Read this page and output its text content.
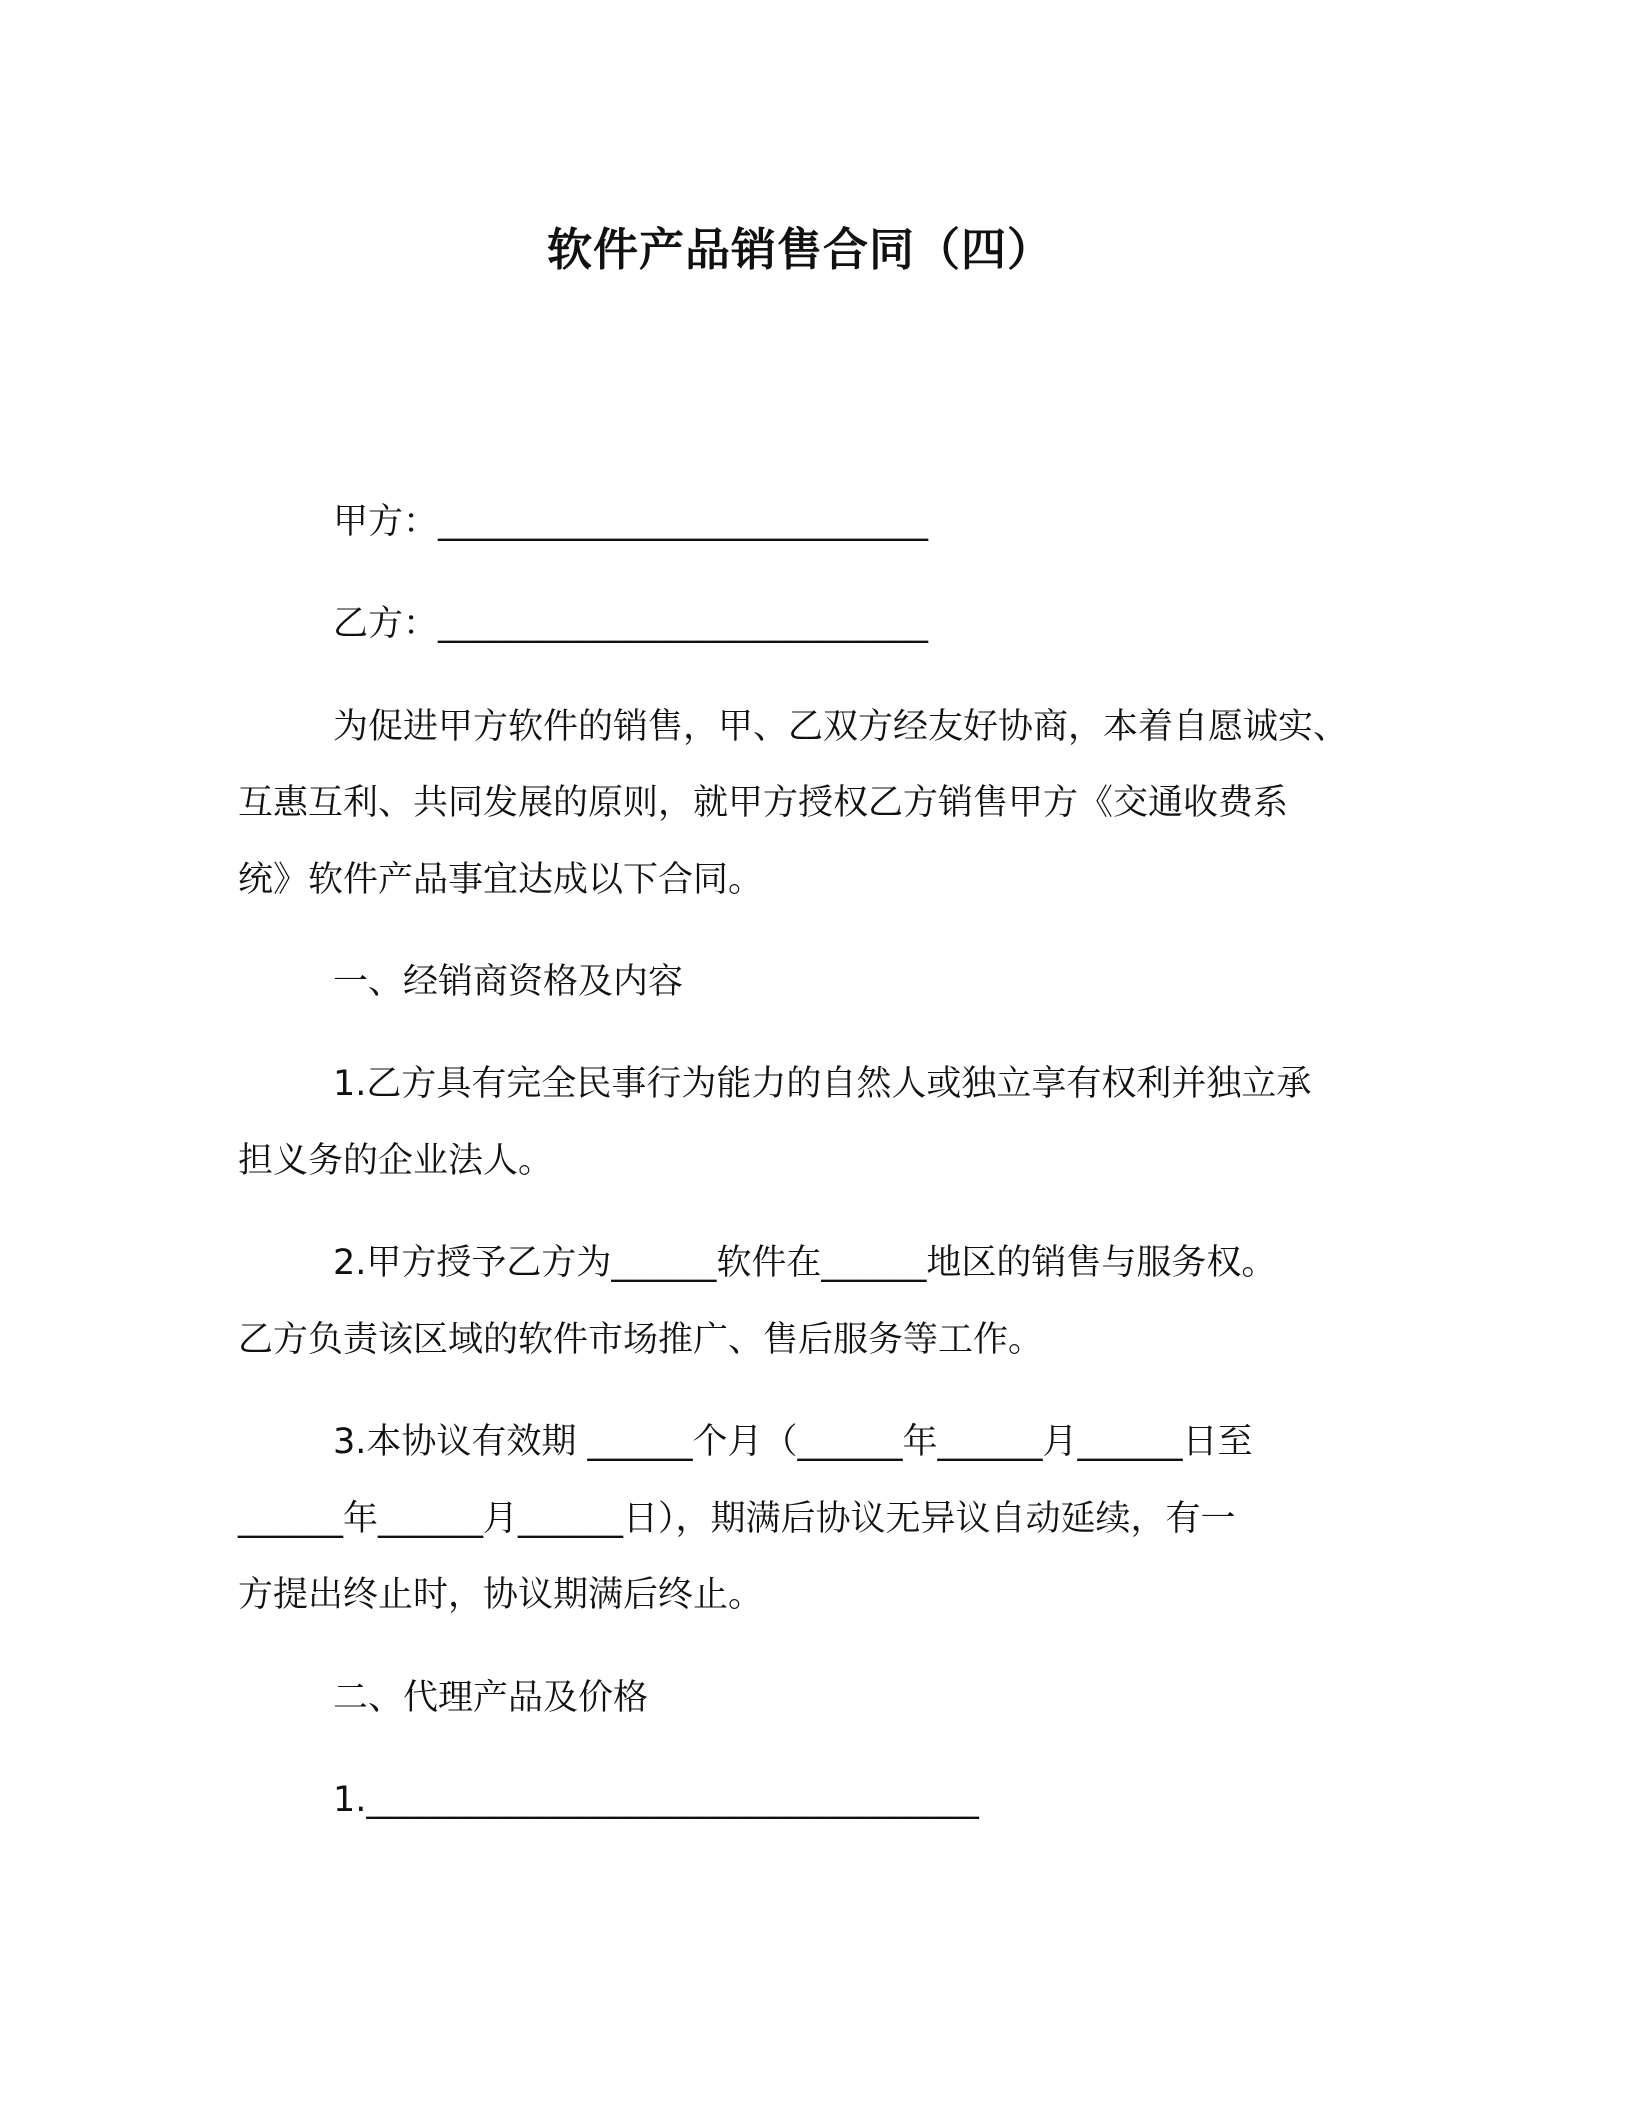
软件产品销售合同（四）
甲方：____________________________
乙方：____________________________
为促进甲方软件的销售，甲、乙双方经友好协商，本着自愿诚实、
互惠互利、共同发展的原则，就甲方授权乙方销售甲方《交通收费系
统》软件产品事宜达成以下合同。
一、经销商资格及内容
1.乙方具有完全民事行为能力的自然人或独立享有权利并独立承
担义务的企业法人。
2.甲方授予乙方为______软件在______地区的销售与服务权。
乙方负责该区域的软件市场推广、售后服务等工作。
3.本协议有效期 ______个月（______年______月______日至
______年______月______日），期满后协议无异议自动延续，有一
方提出终止时，协议期满后终止。
二、代理产品及价格
1.___________________________________
